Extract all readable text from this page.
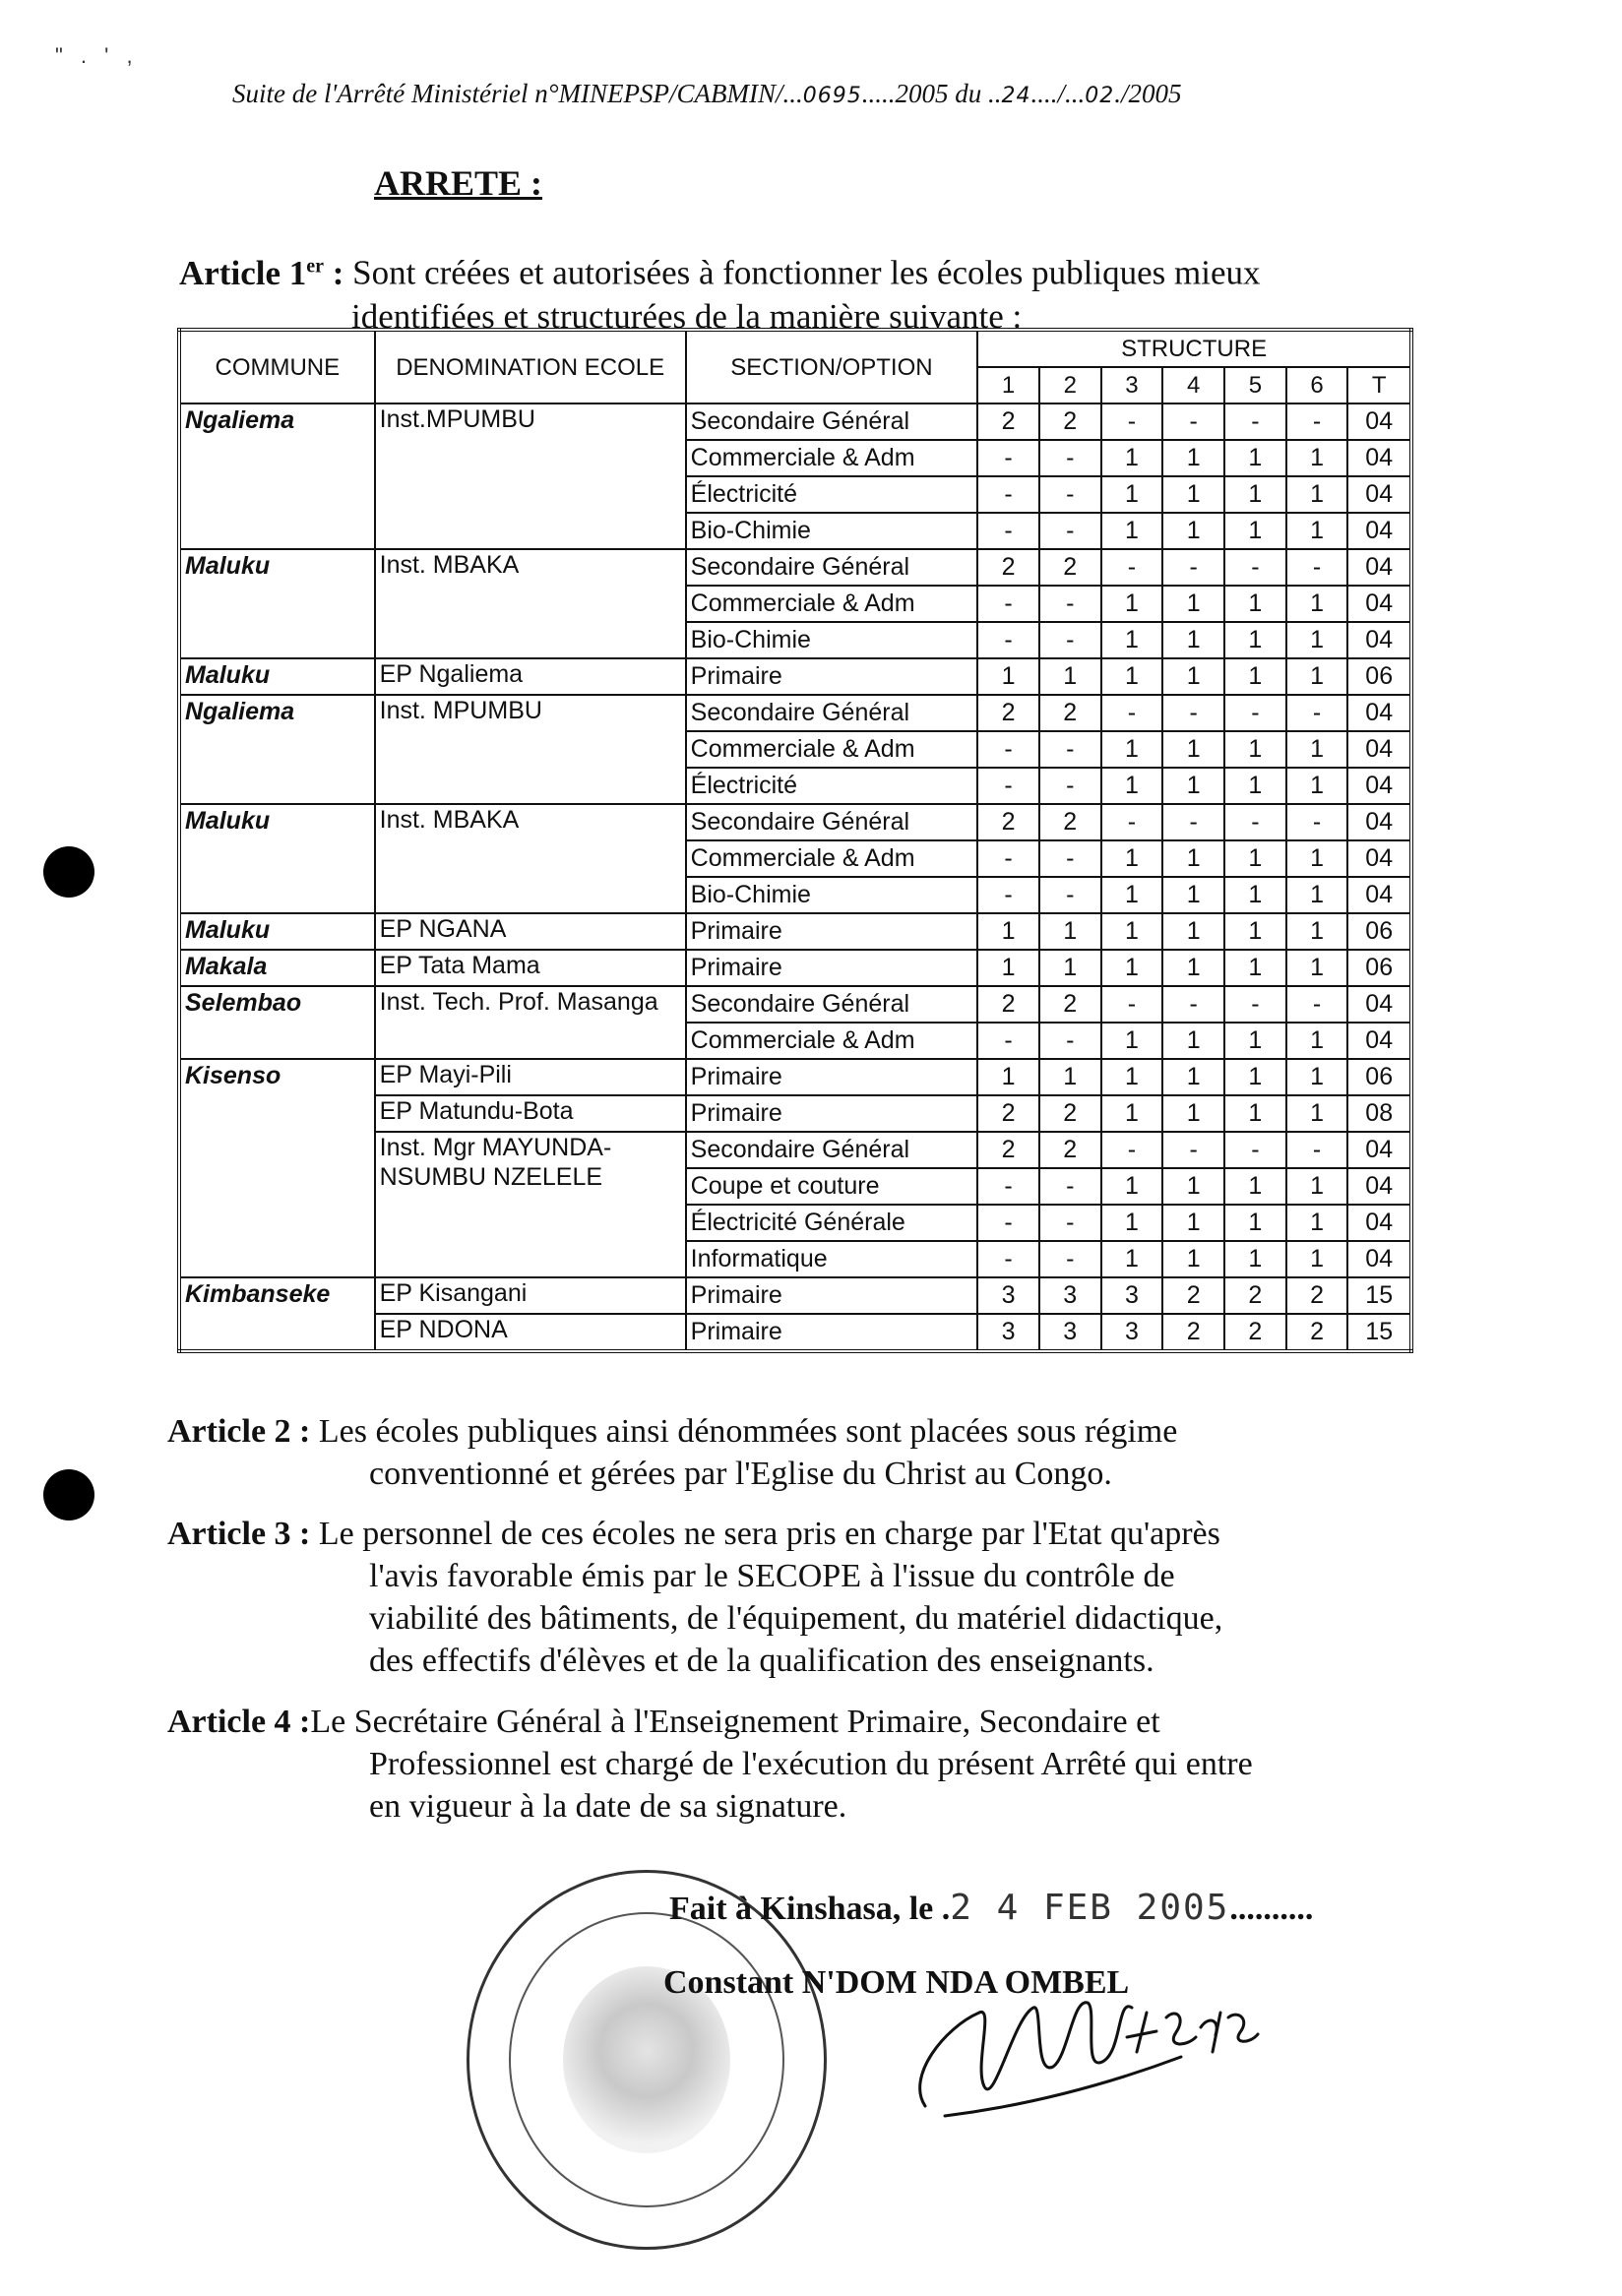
" . ' ,
Suite de l'Arrêté Ministériel n°MINEPSP/CABMIN/...0695.....2005 du ..24..../...02./2005
ARRETE :
Article 1er : Sont créées et autorisées à fonctionner les écoles publiques mieux
identifiées et structurées de la manière suivante :
COMMUNE	DENOMINATION ECOLE	SECTION/OPTION	STRUCTURE						
			1	2	3	4	5	6	T
Ngaliema	Inst.MPUMBU	Secondaire Général	2	2	-	-	-	-	04
		Commerciale & Adm	-	-	1	1	1	1	04
		Électricité	-	-	1	1	1	1	04
		Bio-Chimie	-	-	1	1	1	1	04
Maluku	Inst. MBAKA	Secondaire Général	2	2	-	-	-	-	04
		Commerciale & Adm	-	-	1	1	1	1	04
		Bio-Chimie	-	-	1	1	1	1	04
Maluku	EP Ngaliema	Primaire	1	1	1	1	1	1	06
Ngaliema	Inst. MPUMBU	Secondaire Général	2	2	-	-	-	-	04
		Commerciale & Adm	-	-	1	1	1	1	04
		Électricité	-	-	1	1	1	1	04
Maluku	Inst. MBAKA	Secondaire Général	2	2	-	-	-	-	04
		Commerciale & Adm	-	-	1	1	1	1	04
		Bio-Chimie	-	-	1	1	1	1	04
Maluku	EP NGANA	Primaire	1	1	1	1	1	1	06
Makala	EP Tata Mama	Primaire	1	1	1	1	1	1	06
Selembao	Inst. Tech. Prof. Masanga	Secondaire Général	2	2	-	-	-	-	04
		Commerciale & Adm	-	-	1	1	1	1	04
Kisenso	EP Mayi-Pili	Primaire	1	1	1	1	1	1	06
	EP Matundu-Bota	Primaire	2	2	1	1	1	1	08
	Inst. Mgr MAYUNDA-NSUMBU NZELELE	Secondaire Général	2	2	-	-	-	-	04
		Coupe et couture	-	-	1	1	1	1	04
		Électricité Générale	-	-	1	1	1	1	04
		Informatique	-	-	1	1	1	1	04
Kimbanseke	EP Kisangani	Primaire	3	3	3	2	2	2	15
	EP NDONA	Primaire	3	3	3	2	2	2	15
Article 2 : Les écoles publiques ainsi dénommées sont placées sous régime
conventionné et gérées par l'Eglise du Christ au Congo.
Article 3 : Le personnel de ces écoles ne sera pris en charge par l'Etat qu'après
l'avis favorable émis par le SECOPE à l'issue du contrôle de
viabilité des bâtiments, de l'équipement, du matériel didactique,
des effectifs d'élèves et de la qualification des enseignants.
Article 4 :Le Secrétaire Général à l'Enseignement Primaire, Secondaire et
Professionnel est chargé de l'exécution du présent Arrêté qui entre
en vigueur à la date de sa signature.
Fait à Kinshasa, le .2 4 FEB 2005..........
Constant N'DOM NDA OMBEL
